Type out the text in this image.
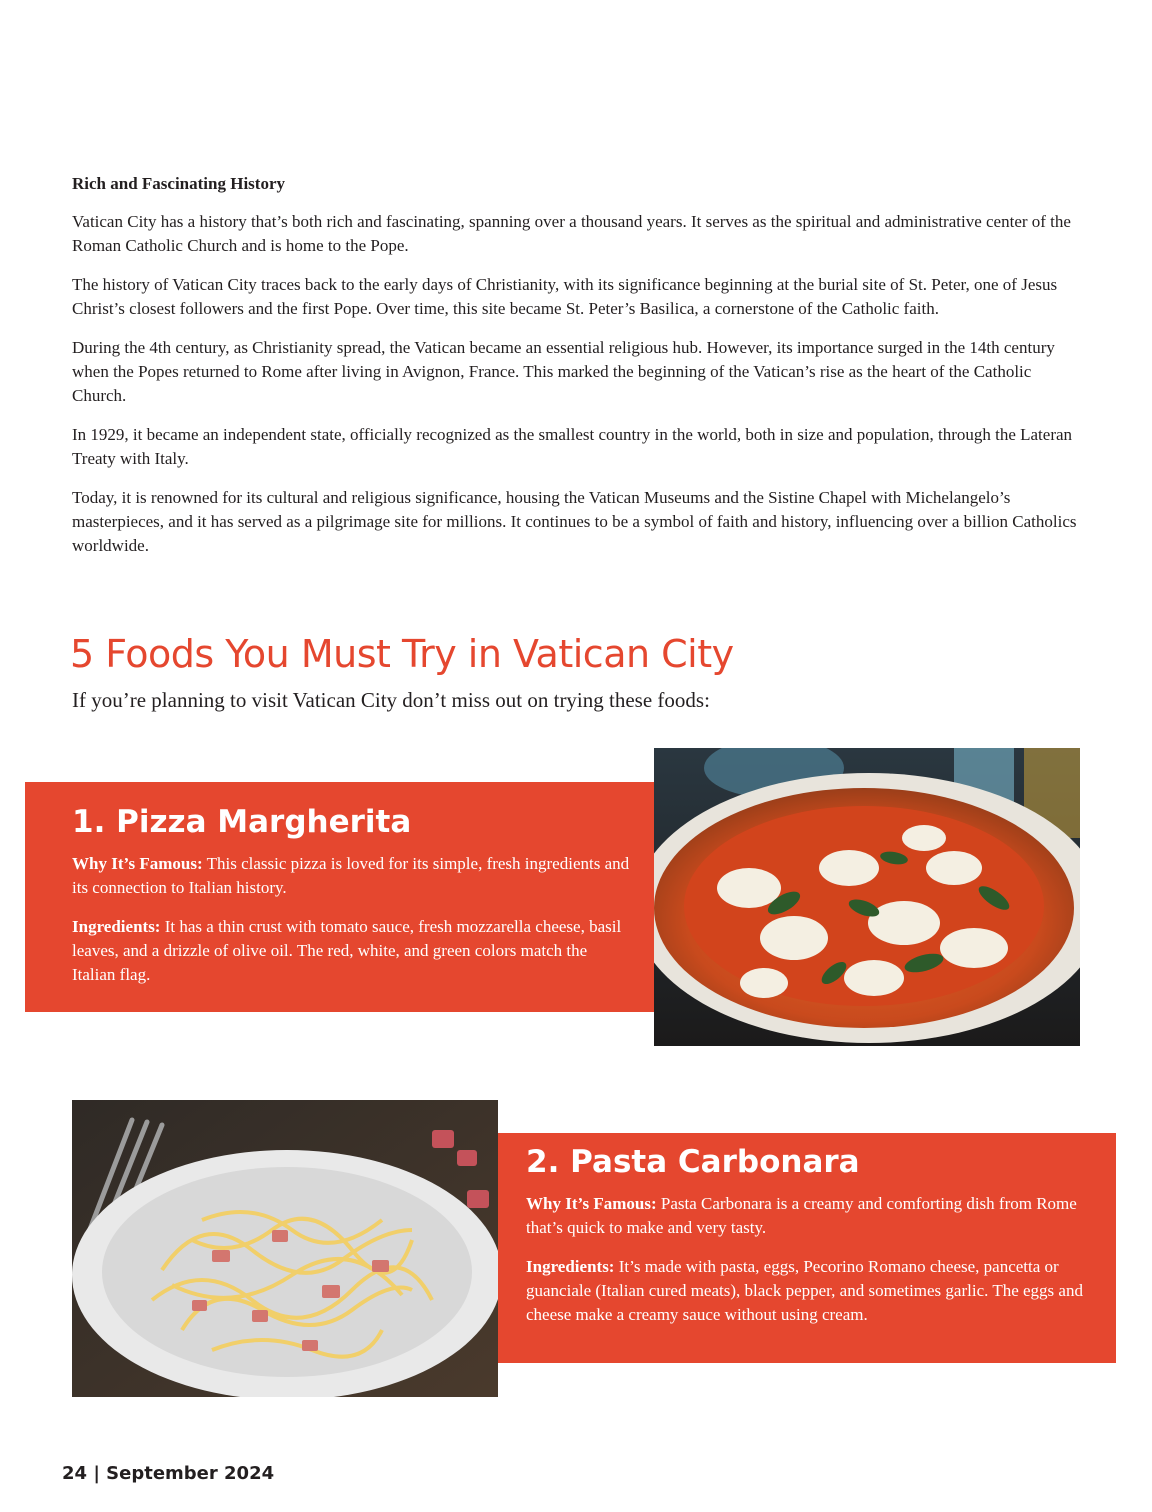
Rich and Fascinating History

Vatican City has a history that’s both rich and fascinating, spanning over a thousand years. It serves as the spiritual and administrative center of the Roman Catholic Church and is home to the Pope.

The history of Vatican City traces back to the early days of Christianity, with its significance beginning at the burial site of St. Peter, one of Jesus Christ’s closest followers and the first Pope. Over time, this site became St. Peter’s Basilica, a cornerstone of the Catholic faith.

During the 4th century, as Christianity spread, the Vatican became an essential religious hub. However, its importance surged in the 14th century when the Popes returned to Rome after living in Avignon, France. This marked the beginning of the Vatican’s rise as the heart of the Catholic Church.

In 1929, it became an independent state, officially recognized as the smallest country in the world, both in size and population, through the Lateran Treaty with Italy.

Today, it is renowned for its cultural and religious significance, housing the Vatican Museums and the Sistine Chapel with Michelangelo’s masterpieces, and it has served as a pilgrimage site for millions. It continues to be a symbol of faith and history, influencing over a billion Catholics worldwide.

5 Foods You Must Try in Vatican City

If you’re planning to visit Vatican City don’t miss out on trying these foods:

1. Pizza Margherita

Why It’s Famous: This classic pizza is loved for its simple, fresh ingredients and its connection to Italian history.

Ingredients: It has a thin crust with tomato sauce, fresh mozzarella cheese, basil leaves, and a drizzle of olive oil. The red, white, and green colors match the Italian flag.

2. Pasta Carbonara

Why It’s Famous: Pasta Carbonara is a creamy and comforting dish from Rome that’s quick to make and very tasty.

Ingredients: It’s made with pasta, eggs, Pecorino Romano cheese, pancetta or guanciale (Italian cured meats), black pepper, and sometimes garlic. The eggs and cheese make a creamy sauce without using cream.

24 | September 2024
